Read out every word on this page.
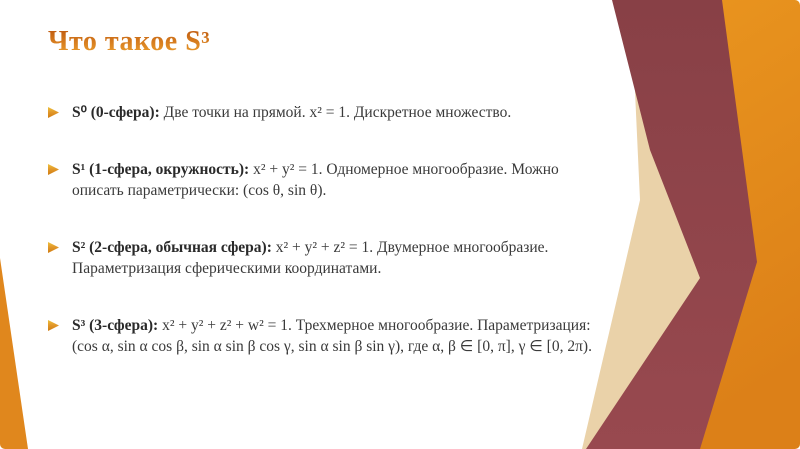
Что такое S³

S⁰ (0-сфера): Две точки на прямой. x² = 1. Дискретное множество.

S¹ (1-сфера, окружность): x² + y² = 1. Одномерное многообразие. Можно описать параметрически: (cos θ, sin θ).

S² (2-сфера, обычная сфера): x² + y² + z² = 1. Двумерное многообразие. Параметризация сферическими координатами.

S³ (3-сфера): x² + y² + z² + w² = 1. Трехмерное многообразие. Параметризация: (cos α, sin α cos β, sin α sin β cos γ, sin α sin β sin γ), где α, β ∈ [0, π], γ ∈ [0, 2π).
